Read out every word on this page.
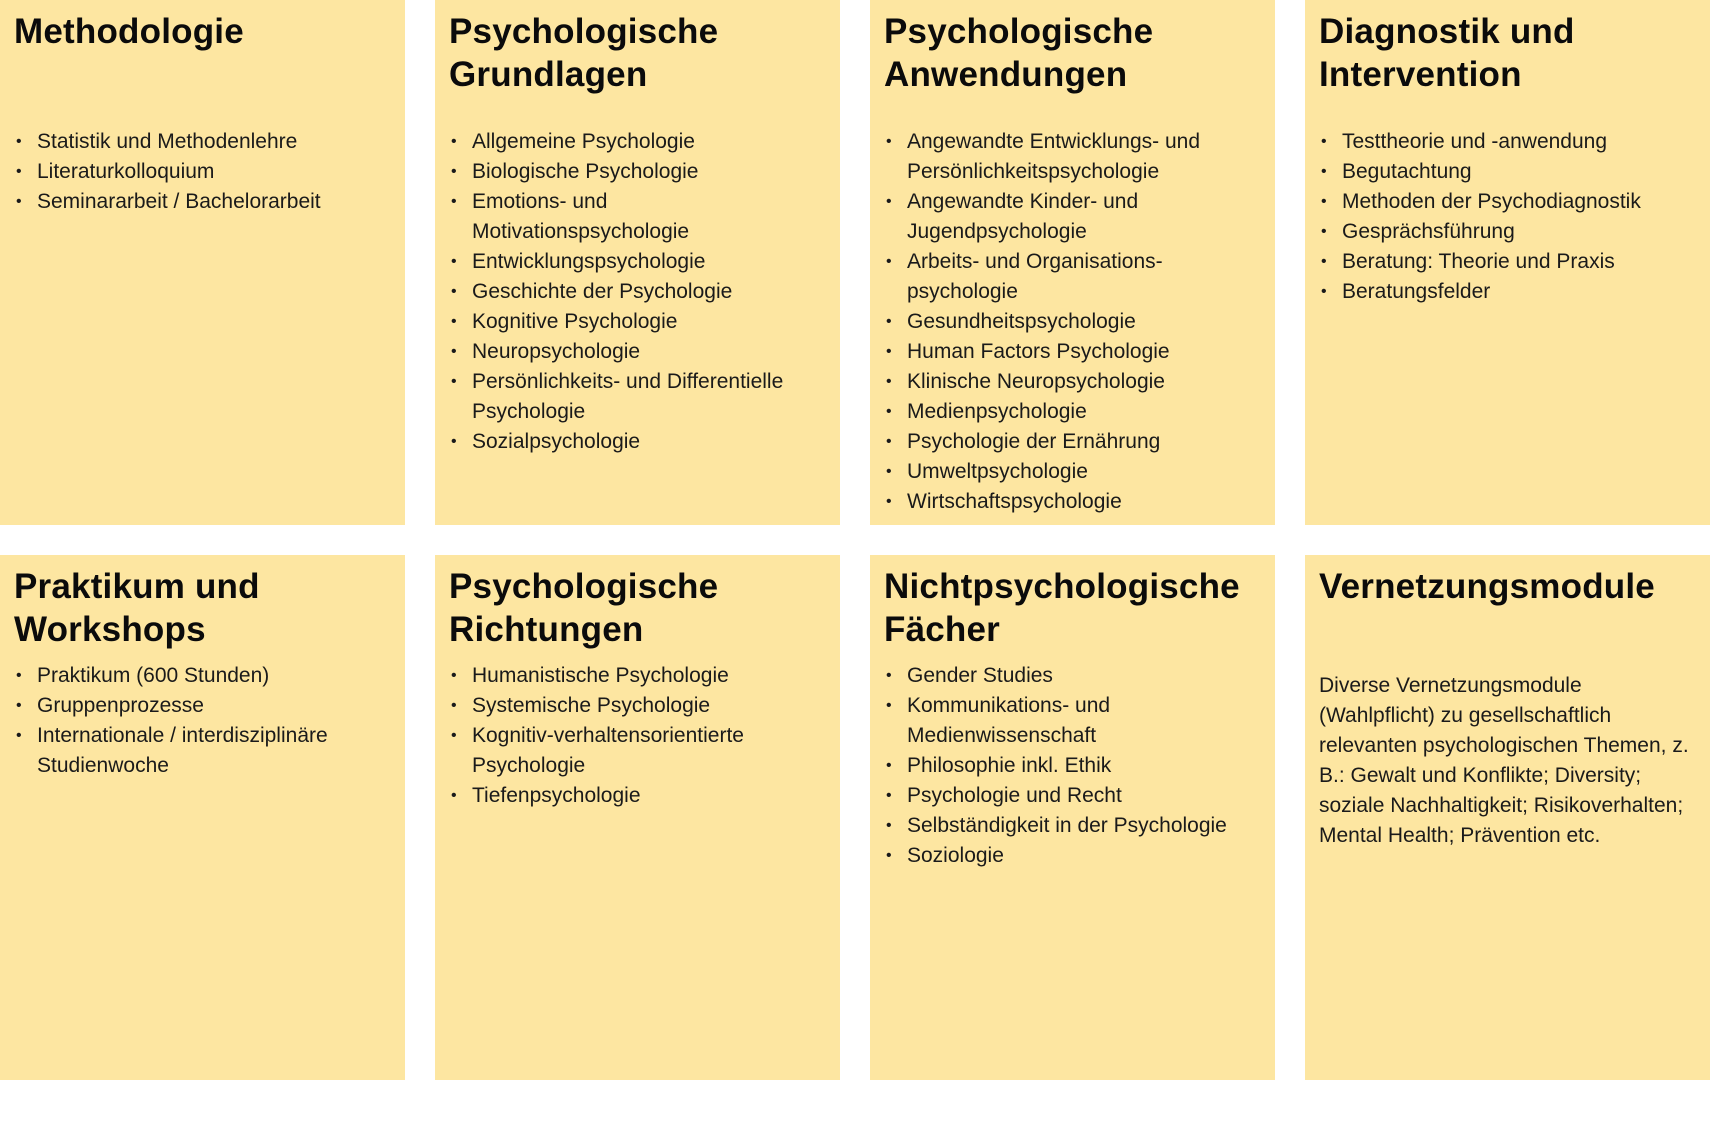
Methodologie
• Statistik und Methodenlehre
• Literaturkolloquium
• Seminararbeit / Bachelorarbeit
Psychologische
Grundlagen
• Allgemeine Psychologie
• Biologische Psychologie
• Emotions- und Motivationspsychologie
• Entwicklungspsychologie
• Geschichte der Psychologie
• Kognitive Psychologie
• Neuropsychologie
• Persönlichkeits- und Differentielle Psychologie
• Sozialpsychologie
Psychologische
Anwendungen
• Angewandte Entwicklungs- und Persönlichkeitspsychologie
• Angewandte Kinder- und Jugendpsychologie
• Arbeits- und Organisations-psychologie
• Gesundheitspsychologie
• Human Factors Psychologie
• Klinische Neuropsychologie
• Medienpsychologie
• Psychologie der Ernährung
• Umweltpsychologie
• Wirtschaftspsychologie
Diagnostik und
Intervention
• Testtheorie und -anwendung
• Begutachtung
• Methoden der Psychodiagnostik
• Gesprächsführung
• Beratung: Theorie und Praxis
• Beratungsfelder
Praktikum und
Workshops
• Praktikum (600 Stunden)
• Gruppenprozesse
• Internationale / interdisziplinäre Studienwoche
Psychologische
Richtungen
• Humanistische Psychologie
• Systemische Psychologie
• Kognitiv-verhaltensorientierte Psychologie
• Tiefenpsychologie
Nichtpsychologische
Fächer
• Gender Studies
• Kommunikations- und Medienwissenschaft
• Philosophie inkl. Ethik
• Psychologie und Recht
• Selbständigkeit in der Psychologie
• Soziologie
Vernetzungsmodule

Diverse Vernetzungsmodule (Wahlpflicht) zu gesellschaftlich relevanten psychologischen Themen, z. B.: Gewalt und Konflikte; Diversity; soziale Nachhaltigkeit; Risikoverhalten; Mental Health; Prävention etc.
